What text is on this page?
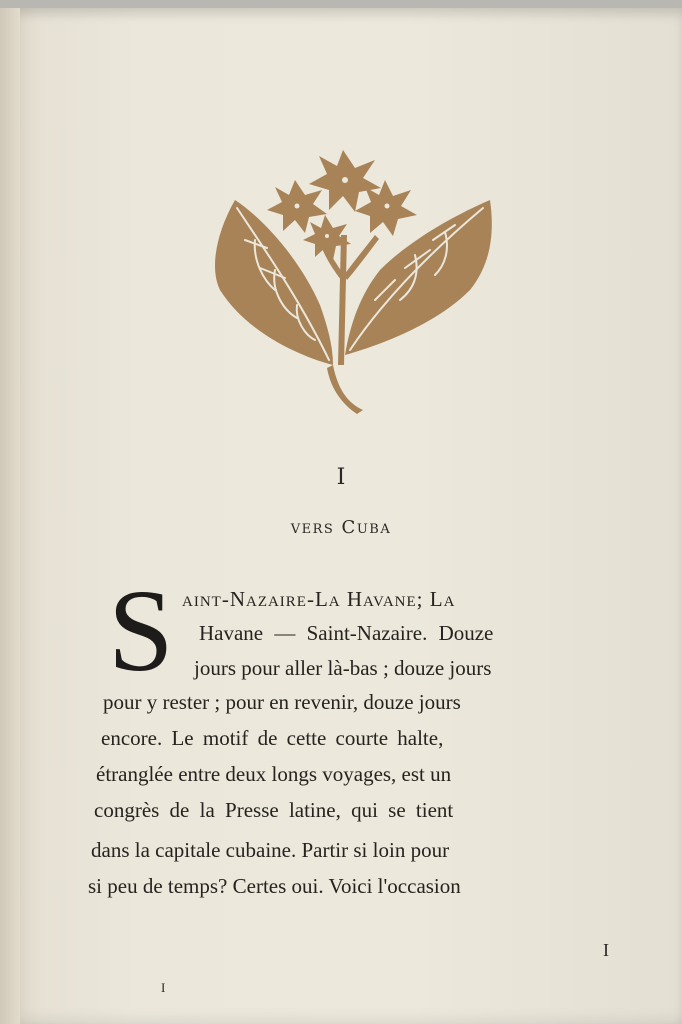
I
vers Cuba
S aint-Nazaire-La Havane; La
Havane — Saint-Nazaire. Douze
jours pour aller là-bas ; douze jours
pour y rester ; pour en revenir, douze jours
encore. Le motif de cette courte halte,
étranglée entre deux longs voyages, est un
congrès de la Presse latine, qui se tient
dans la capitale cubaine. Partir si loin pour
si peu de temps? Certes oui. Voici l'occasion
I
I
